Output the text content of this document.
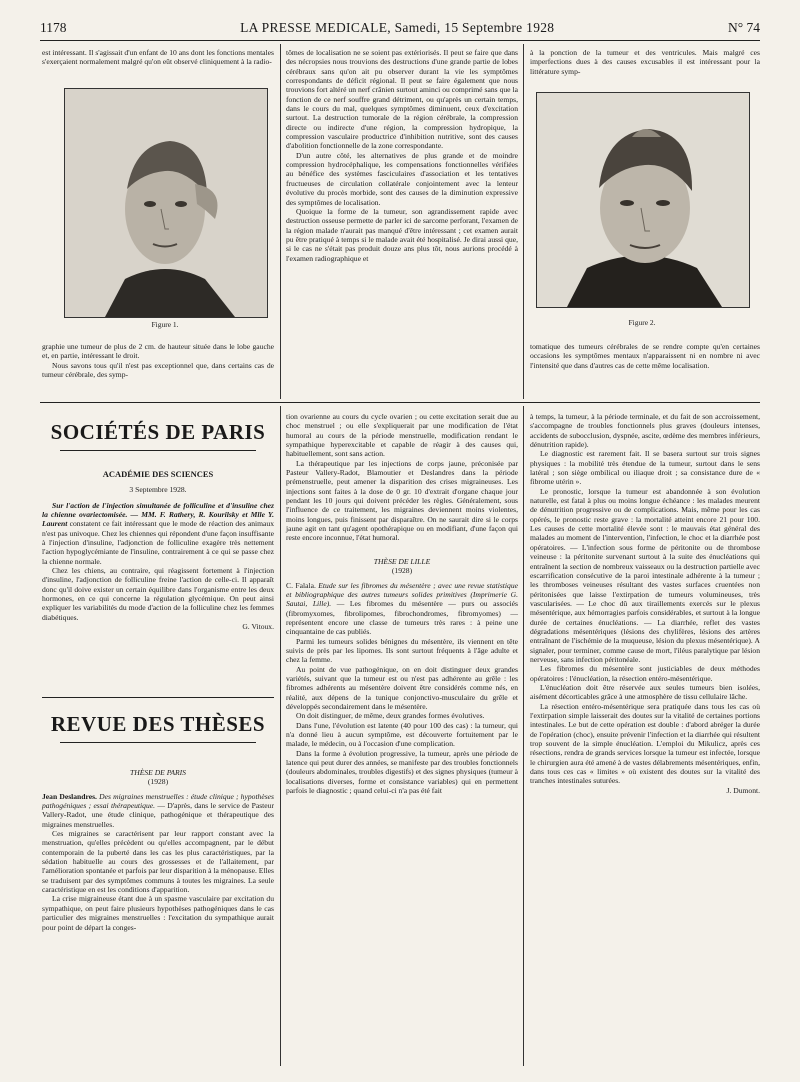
1178	LA PRESSE MEDICALE, Samedi, 15 Septembre 1928	N° 74

est intéressant. Il s'agissait d'un enfant de 10 ans dont les fonctions mentales s'exerçaient normalement malgré qu'on eût observé cliniquement à la radio-

Figure 1.

graphie une tumeur de plus de 2 cm. de hauteur située dans le lobe gauche et, en partie, intéressant le droit.

Nous savons tous qu'il n'est pas exceptionnel que, dans certains cas de tumeur cérébrale, des symp-

tômes de localisation ne se soient pas extériorisés. Il peut se faire que dans des nécropsies nous trouvions des destructions d'une grande partie de lobes cérébraux sans qu'on ait pu observer durant la vie les symptômes correspondants de déficit régional. Il peut se faire également que nous trouvions fort altéré un nerf crânien surtout aminci ou comprimé sans que la fonction de ce nerf souffre grand détriment, ou qu'après un certain temps, dans le cours du mal, quelques symptômes diminuent, ceux d'excitation surtout. La destruction tumorale de la région cérébrale, la compression directe ou indirecte d'une région, la compression hydropique, la compression vasculaire productrice d'inhibition nutritive, sont des causes d'abolition fonctionnelle de la zone correspondante.

D'un autre côté, les alternatives de plus grande et de moindre compression hydrocéphalique, les compensations fonctionnelles vérifiées au bénéfice des systèmes fasciculaires d'association et les tentatives fructueuses de circulation collatérale conjointement avec la lenteur évolutive du procès morbide, sont des causes de la diminution expressive des symptômes de localisation.

Quoique la forme de la tumeur, son agrandissement rapide avec destruction osseuse permette de parler ici de sarcome perforant, l'examen de la région malade n'aurait pas manqué d'être intéressant ; cet examen aurait pu être pratiqué à temps si le malade avait été hospitalisé. Je dirai aussi que, si le cas ne s'était pas produit douze ans plus tôt, nous aurions procédé à l'examen radiographique et

à la ponction de la tumeur et des ventricules. Mais malgré ces imperfections dues à des causes excusables il est intéressant pour la littérature symp-

Figure 2.

tomatique des tumeurs cérébrales de se rendre compte qu'en certaines occasions les symptômes mentaux n'apparaissent ni en nombre ni avec l'intensité que dans d'autres cas de cette même localisation.

SOCIÉTÉS DE PARIS

ACADÉMIE DES SCIENCES

3 Septembre 1928.

Sur l'action de l'injection simultanée de folliculine et d'insuline chez la chienne ovariectomisée. — MM. F. Rathery, R. Kourilsky et Mlle Y. Laurent constatent ce fait intéressant que le mode de réaction des animaux n'est pas univoque. Chez les chiennes qui répondent d'une façon insuffisante à l'injection d'insuline, l'adjonction de folliculine exagère très nettement l'action hypoglycémiante de l'insuline, contrairement à ce qui se passe chez la chienne normale.

Chez les chiens, au contraire, qui réagissent fortement à l'injection d'insuline, l'adjonction de folliculine freine l'action de celle-ci. Il apparaît donc qu'il doive exister un certain équilibre dans l'organisme entre les deux hormones, en ce qui concerne la régulation glycémique. On peut ainsi expliquer les variabilités du mode d'action de la folliculine chez les femmes diabétiques.

G. Vitoux.

REVUE DES THÈSES

THÈSE DE PARIS

(1928)

Jean Deslandres. Des migraines menstruelles : étude clinique ; hypothèses pathogéniques ; essai thérapeutique. — D'après, dans le service de Pasteur Vallery-Radot, une étude clinique, pathogénique et thérapeutique des migraines menstruelles.

Ces migraines se caractérisent par leur rapport constant avec la menstruation, qu'elles précèdent ou qu'elles accompagnent, par le début contemporain de la puberté dans les cas les plus caractéristiques, par la sédation habituelle au cours des grossesses et de l'allaitement, par l'amélioration spontanée et parfois par leur disparition à la ménopause. Elles se traduisent par des symptômes communs à toutes les migraines. La seule caractéristique en est les conditions d'apparition.

La crise migraineuse étant due à un spasme vasculaire par excitation du sympathique, on peut faire plusieurs hypothèses pathogéniques dans le cas particulier des migraines menstruelles : l'excitation du sympathique aurait pour point de départ la conges-

tion ovarienne au cours du cycle ovarien ; ou cette excitation serait due au choc menstruel ; ou elle s'expliquerait par une modification de l'état humoral au cours de la période menstruelle, modification rendant le sympathique hyperexcitable et capable de réagir à des causes qui, habituellement, sont sans action.

La thérapeutique par les injections de corps jaune, préconisée par Pasteur Vallery-Radot, Blamoutier et Deslandres dans la période prémenstruelle, peut amener la disparition des crises migraineuses. Les injections sont faites à la dose de 0 gr. 10 d'extrait d'organe chaque jour pendant les 10 jours qui doivent précéder les règles. Généralement, sous l'influence de ce traitement, les migraines deviennent moins violentes, moins longues, puis finissent par disparaître. On ne saurait dire si le corps jaune agit en tant qu'agent opothérapique ou en modifiant, d'une façon qui reste encore inconnue, l'état humoral.

THÈSE DE LILLE

(1928)

C. Falala. Etude sur les fibromes du mésentère ; avec une revue statistique et bibliographique des autres tumeurs solides primitives (Imprimerie G. Sautai, Lille). — Les fibromes du mésentère — purs ou associés (fibromyxomes, fibrolipomes, fibrochondromes, fibromyomes) — représentent encore une classe de tumeurs très rares : à peine une cinquantaine de cas publiés.

Parmi les tumeurs solides bénignes du mésentère, ils viennent en tête suivis de près par les lipomes. Ils sont surtout fréquents à l'âge adulte et chez la femme.

Au point de vue pathogénique, on en doit distinguer deux grandes variétés, suivant que la tumeur est ou n'est pas adhérente au grêle : les fibromes adhérents au mésentère doivent être considérés comme nés, en réalité, aux dépens de la tunique conjonctivo-musculaire du grêle et développés secondairement dans le mésentère.

On doit distinguer, de même, deux grandes formes évolutives.

Dans l'une, l'évolution est latente (40 pour 100 des cas) : la tumeur, qui n'a donné lieu à aucun symptôme, est découverte fortuitement par le malade, le médecin, ou à l'occasion d'une complication.

Dans la forme à évolution progressive, la tumeur, après une période de latence qui peut durer des années, se manifeste par des troubles fonctionnels (douleurs abdominales, troubles digestifs) et des signes physiques (tumeur à localisations diverses, forme et consistance variables) qui en permettent parfois le diagnostic ; quand celui-ci n'a pas été fait

à temps, la tumeur, à la période terminale, et du fait de son accroissement, s'accompagne de troubles fonctionnels plus graves (douleurs intenses, accidents de subocclusion, dyspnée, ascite, œdème des membres inférieurs, dénutrition rapide).

Le diagnostic est rarement fait. Il se basera surtout sur trois signes physiques : la mobilité très étendue de la tumeur, surtout dans le sens latéral ; son siège ombilical ou iliaque droit ; sa consistance dure de « fibrome utérin ».

Le pronostic, lorsque la tumeur est abandonnée à son évolution naturelle, est fatal à plus ou moins longue échéance : les malades meurent de dénutrition progressive ou de complications. Mais, même pour les cas opérés, le pronostic reste grave : la mortalité atteint encore 21 pour 100. Les causes de cette mortalité élevée sont : le mauvais état général des malades au moment de l'intervention, l'infection, le choc et la diarrhée post opératoires. — L'infection sous forme de péritonite ou de thrombose veineuse : la péritonite survenant surtout à la suite des énucléations qui entraînent la section de nombreux vaisseaux ou la destruction partielle avec escarrification consécutive de la paroi intestinale adhérente à la tumeur ; les thromboses veineuses résultant des vastes surfaces cruentées non péritonisées que laisse l'extirpation de tumeurs volumineuses, très vascularisées. — Le choc dû aux tiraillements exercés sur le plexus mésentérique, aux hémorragies parfois considérables, et surtout à la longue durée de certaines énucléations. — La diarrhée, reflet des vastes dégradations mésentériques (lésions des chylifères, lésions des artères entraînant de l'ischémie de la muqueuse, lésion du plexus mésentérique). A signaler, pour terminer, comme cause de mort, l'iléus paralytique par lésion nerveuse, sans infection péritonéale.

Les fibromes du mésentère sont justiciables de deux méthodes opératoires : l'énucléation, la résection entéro-mésentérique.

L'énucléation doit être réservée aux seules tumeurs bien isolées, aisément décorticables grâce à une atmosphère de tissu cellulaire lâche.

La résection entéro-mésentérique sera pratiquée dans tous les cas où l'extirpation simple laisserait des doutes sur la vitalité de certaines portions intestinales. Le but de cette opération est double : d'abord abréger la durée de l'opération (choc), ensuite prévenir l'infection et la diarrhée qui résultent trop souvent de la simple énucléation. L'emploi du Mikulicz, après ces résections, rendra de grands services lorsque la tumeur est infectée, lorsque le chirurgien aura été amené à de vastes délabrements mésentériques, enfin, dans tous ces cas « limites » où existent des doutes sur la vitalité des tranches intestinales suturées.

J. Dumont.
